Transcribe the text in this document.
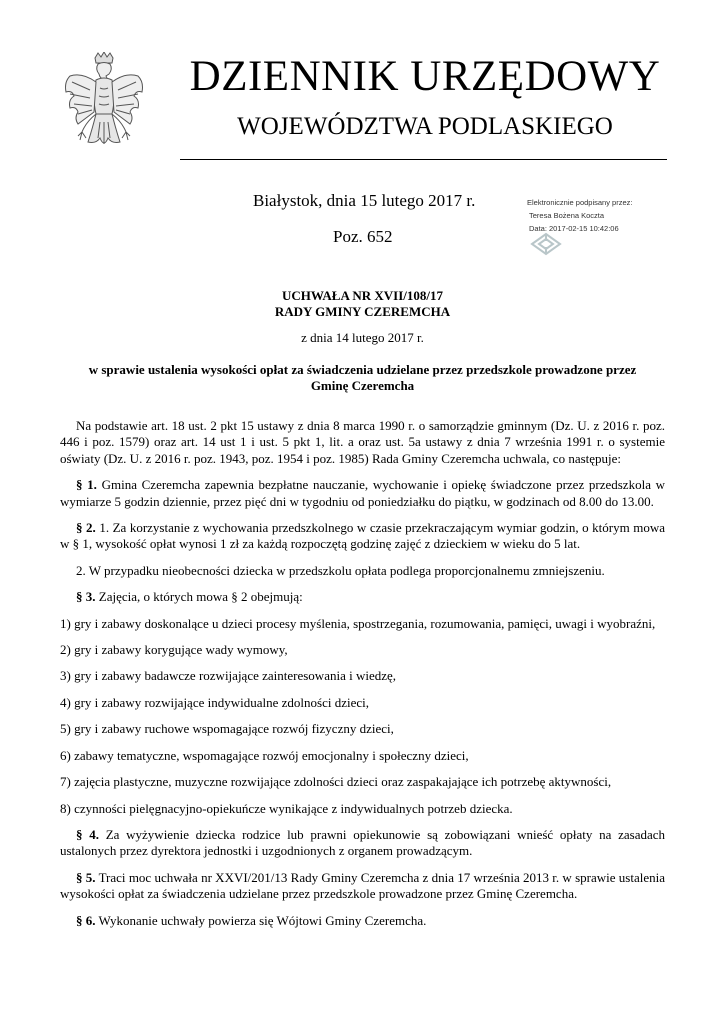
DZIENNIK URZĘDOWY
WOJEWÓDZTWA PODLASKIEGO
Białystok, dnia 15 lutego 2017 r.
Poz. 652
Elektronicznie podpisany przez:
Teresa Bożena Koczta
Data: 2017-02-15 10:42:06
UCHWAŁA NR XVII/108/17
RADY GMINY CZEREMCHA
z dnia 14 lutego 2017 r.
w sprawie ustalenia wysokości opłat za świadczenia udzielane przez przedszkole prowadzone przez
Gminę Czeremcha

Na podstawie art. 18 ust. 2 pkt 15 ustawy z dnia 8 marca 1990 r. o samorządzie gminnym (Dz. U. z 2016 r. poz. 446 i poz. 1579) oraz art. 14 ust 1 i ust. 5 pkt 1, lit. a oraz ust. 5a ustawy z dnia 7 września 1991 r. o systemie oświaty (Dz. U. z 2016 r. poz. 1943, poz. 1954 i poz. 1985) Rada Gminy Czeremcha uchwala, co następuje:

§ 1. Gmina Czeremcha zapewnia bezpłatne nauczanie, wychowanie i opiekę świadczone przez przedszkola w wymiarze 5 godzin dziennie, przez pięć dni w tygodniu od poniedziałku do piątku, w godzinach od 8.00 do 13.00.

§ 2. 1. Za korzystanie z wychowania przedszkolnego w czasie przekraczającym wymiar godzin, o którym mowa w § 1, wysokość opłat wynosi 1 zł za każdą rozpoczętą godzinę zajęć z dzieckiem w wieku do 5 lat.

2. W przypadku nieobecności dziecka w przedszkolu opłata podlega proporcjonalnemu zmniejszeniu.

§ 3. Zajęcia, o których mowa § 2 obejmują:

1) gry i zabawy doskonalące u dzieci procesy myślenia, spostrzegania, rozumowania, pamięci, uwagi i wyobraźni,

2) gry i zabawy korygujące wady wymowy,

3) gry i zabawy badawcze rozwijające zainteresowania i wiedzę,

4) gry i zabawy rozwijające indywidualne zdolności dzieci,

5) gry i zabawy ruchowe wspomagające rozwój fizyczny dzieci,

6) zabawy tematyczne, wspomagające rozwój emocjonalny i społeczny dzieci,

7) zajęcia plastyczne, muzyczne rozwijające zdolności dzieci oraz zaspakajające ich potrzebę aktywności,

8) czynności pielęgnacyjno-opiekuńcze wynikające z indywidualnych potrzeb dziecka.

§ 4. Za wyżywienie dziecka rodzice lub prawni opiekunowie są zobowiązani wnieść opłaty na zasadach ustalonych przez dyrektora jednostki i uzgodnionych z organem prowadzącym.

§ 5. Traci moc uchwała nr XXVI/201/13 Rady Gminy Czeremcha z dnia 17 września 2013 r. w sprawie ustalenia wysokości opłat za świadczenia udzielane przez przedszkole prowadzone przez Gminę Czeremcha.

§ 6. Wykonanie uchwały powierza się Wójtowi Gminy Czeremcha.
